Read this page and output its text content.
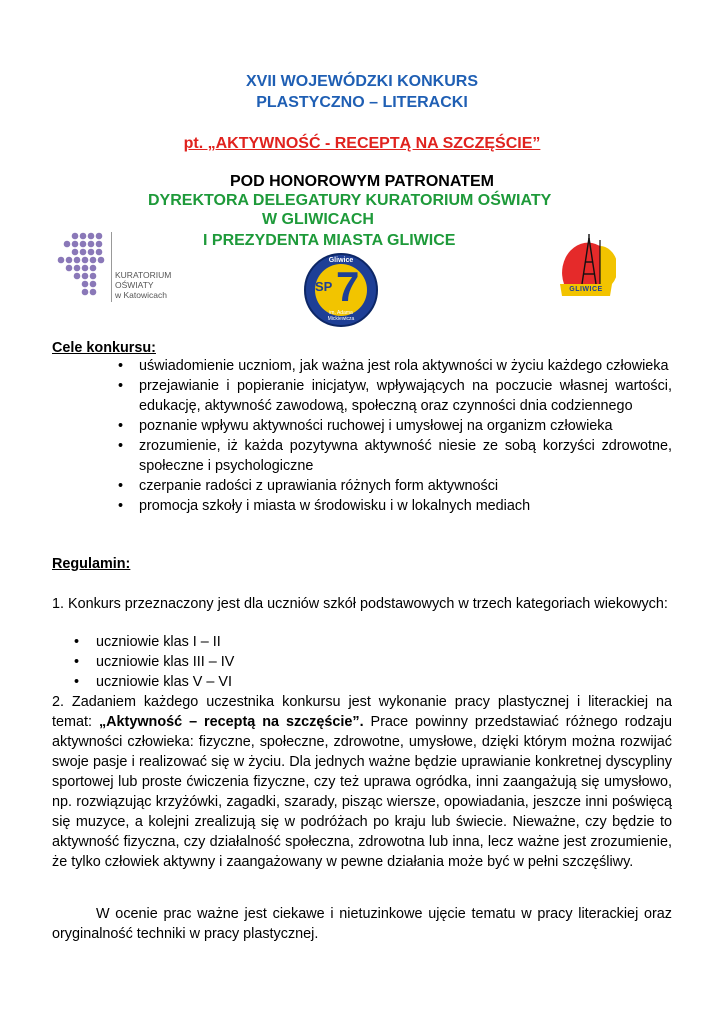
XVII WOJEWÓDZKI KONKURS
PLASTYCZNO – LITERACKI
pt. „AKTYWNOŚĆ - RECEPTĄ NA SZCZĘŚCIE”
POD HONOROWYM PATRONATEM
DYREKTORA DELEGATURY KURATORIUM OŚWIATY
W GLIWICACH
I PREZYDENTA MIASTA GLIWICE
KURATORIUM
OŚWIATY
w Katowicach
Gliwice
SP 7
im. Adama
Mickiewicza
GLIWICE
Cele konkursu:
• uświadomienie uczniom, jak ważna jest rola aktywności w życiu każdego człowieka
• przejawianie i popieranie inicjatyw, wpływających na poczucie własnej wartości, edukację, aktywność zawodową, społeczną oraz czynności dnia codziennego
• poznanie wpływu aktywności ruchowej i umysłowej na organizm człowieka
• zrozumienie, iż każda pozytywna aktywność niesie ze sobą korzyści zdrowotne, społeczne i psychologiczne
• czerpanie radości z uprawiania różnych form aktywności
• promocja szkoły i miasta w środowisku i w lokalnych mediach
Regulamin:
1. Konkurs przeznaczony jest dla uczniów szkół podstawowych w trzech kategoriach wiekowych:
• uczniowie klas I – II
• uczniowie klas III – IV
• uczniowie klas V – VI
2. Zadaniem każdego uczestnika konkursu jest wykonanie pracy plastycznej i literackiej na temat: „Aktywność – receptą na szczęście”. Prace powinny przedstawiać różnego rodzaju aktywności człowieka: fizyczne, społeczne, zdrowotne, umysłowe, dzięki którym można rozwijać swoje pasje i realizować się w życiu. Dla jednych ważne będzie uprawianie konkretnej dyscypliny sportowej lub proste ćwiczenia fizyczne, czy też uprawa ogródka, inni zaangażują się umysłowo, np. rozwiązując krzyżówki, zagadki, szarady, pisząc wiersze, opowiadania, jeszcze inni poświęcą się muzyce, a kolejni zrealizują się w podróżach po kraju lub świecie. Nieważne, czy będzie to aktywność fizyczna, czy działalność społeczna, zdrowotna lub inna, lecz ważne jest zrozumienie, że tylko człowiek aktywny i zaangażowany w pewne działania może być w pełni szczęśliwy.
W ocenie prac ważne jest ciekawe i nietuzinkowe ujęcie tematu w pracy literackiej oraz oryginalność techniki w pracy plastycznej.
